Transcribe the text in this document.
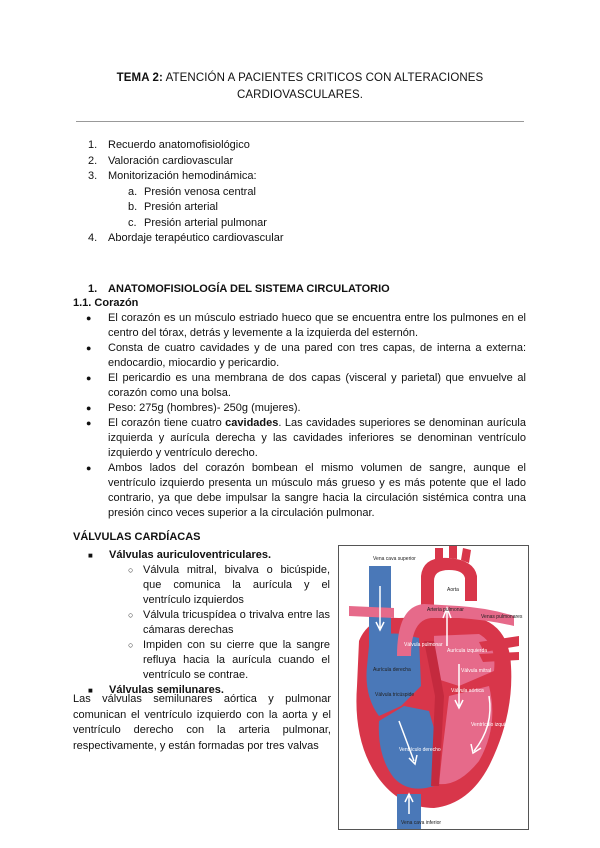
TEMA 2: ATENCIÓN A PACIENTES CRITICOS CON ALTERACIONES
CARDIOVASCULARES.
1. Recuerdo anatomofisiológico
2. Valoración cardiovascular
3. Monitorización hemodinámica:
a. Presión venosa central
b. Presión arterial
c. Presión arterial pulmonar
4. Abordaje terapéutico cardiovascular
1. ANATOMOFISIOLOGÍA DEL SISTEMA CIRCULATORIO
1.1. Corazón
●	El corazón es un músculo estriado hueco que se encuentra entre los pulmones en el centro del tórax, detrás y levemente a la izquierda del esternón.
●	Consta de cuatro cavidades y de una pared con tres capas, de interna a externa: endocardio, miocardio y pericardio.
●	El pericardio es una membrana de dos capas (visceral y parietal) que envuelve al corazón como una bolsa.
●	Peso: 275g (hombres)- 250g (mujeres).
●	El corazón tiene cuatro cavidades. Las cavidades superiores se denominan aurícula izquierda y aurícula derecha y las cavidades inferiores se denominan ventrículo izquierdo y ventrículo derecho.
●	Ambos lados del corazón bombean el mismo volumen de sangre, aunque el ventrículo izquierdo presenta un músculo más grueso y es más potente que el lado contrario, ya que debe impulsar la sangre hacia la circulación sistémica contra una presión cinco veces superior a la circulación pulmonar.
VÁLVULAS CARDÍACAS
■	Válvulas auriculoventriculares.
○ Válvula mitral, bivalva o bicúspide, que comunica la aurícula y el ventrículo izquierdos
○ Válvula tricuspídea o trivalva entre las cámaras derechas
○ Impiden con su cierre que la sangre refluya hacia la aurícula cuando el ventrículo se contrae.
■	Válvulas semilunares.
Las válvulas semilunares aórtica y pulmonar comunican el ventrículo izquierdo con la aorta y el ventrículo derecho con la arteria pulmonar, respectivamente, y están formadas por tres valvas
Vena cava superior
Aorta
Arteria pulmonar
Venas pulmonares
Válvula pulmonar
Aurícula izquierda
Válvula mitral
Aurícula derecha
Válvula aórtica
Válvula tricúspide
Ventrículo izquierdo
Ventrículo derecho
Vena cava inferior
